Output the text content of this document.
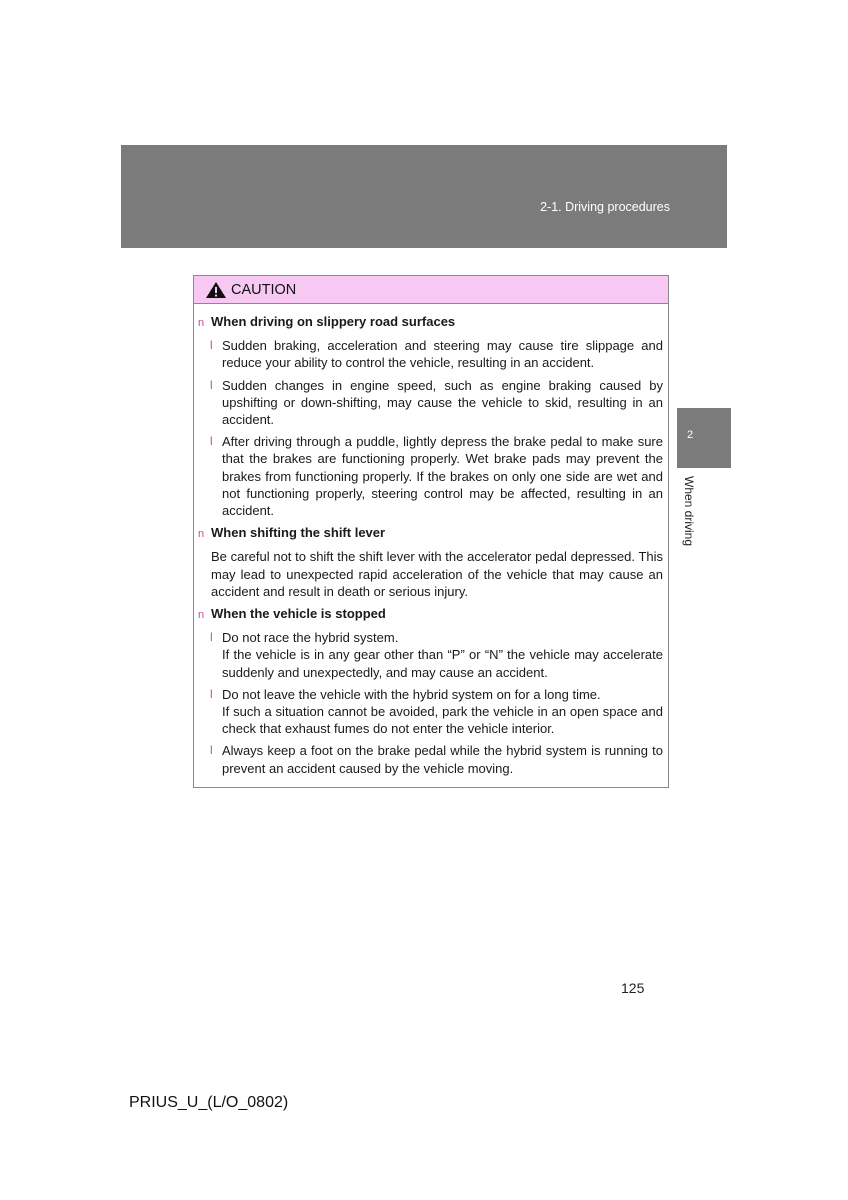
2-1. Driving procedures
2
When driving
CAUTION
n When driving on slippery road surfaces
l Sudden braking, acceleration and steering may cause tire slippage and reduce your ability to control the vehicle, resulting in an accident.
l Sudden changes in engine speed, such as engine braking caused by upshifting or down-shifting, may cause the vehicle to skid, resulting in an accident.
l After driving through a puddle, lightly depress the brake pedal to make sure that the brakes are functioning properly. Wet brake pads may prevent the brakes from functioning properly. If the brakes on only one side are wet and not functioning properly, steering control may be affected, resulting in an accident.
n When shifting the shift lever
Be careful not to shift the shift lever with the accelerator pedal depressed. This may lead to unexpected rapid acceleration of the vehicle that may cause an accident and result in death or serious injury.
n When the vehicle is stopped
l Do not race the hybrid system.
If the vehicle is in any gear other than “P” or “N” the vehicle may accelerate suddenly and unexpectedly, and may cause an accident.
l Do not leave the vehicle with the hybrid system on for a long time.
If such a situation cannot be avoided, park the vehicle in an open space and check that exhaust fumes do not enter the vehicle interior.
l Always keep a foot on the brake pedal while the hybrid system is running to prevent an accident caused by the vehicle moving.
125
PRIUS_U_(L/O_0802)
